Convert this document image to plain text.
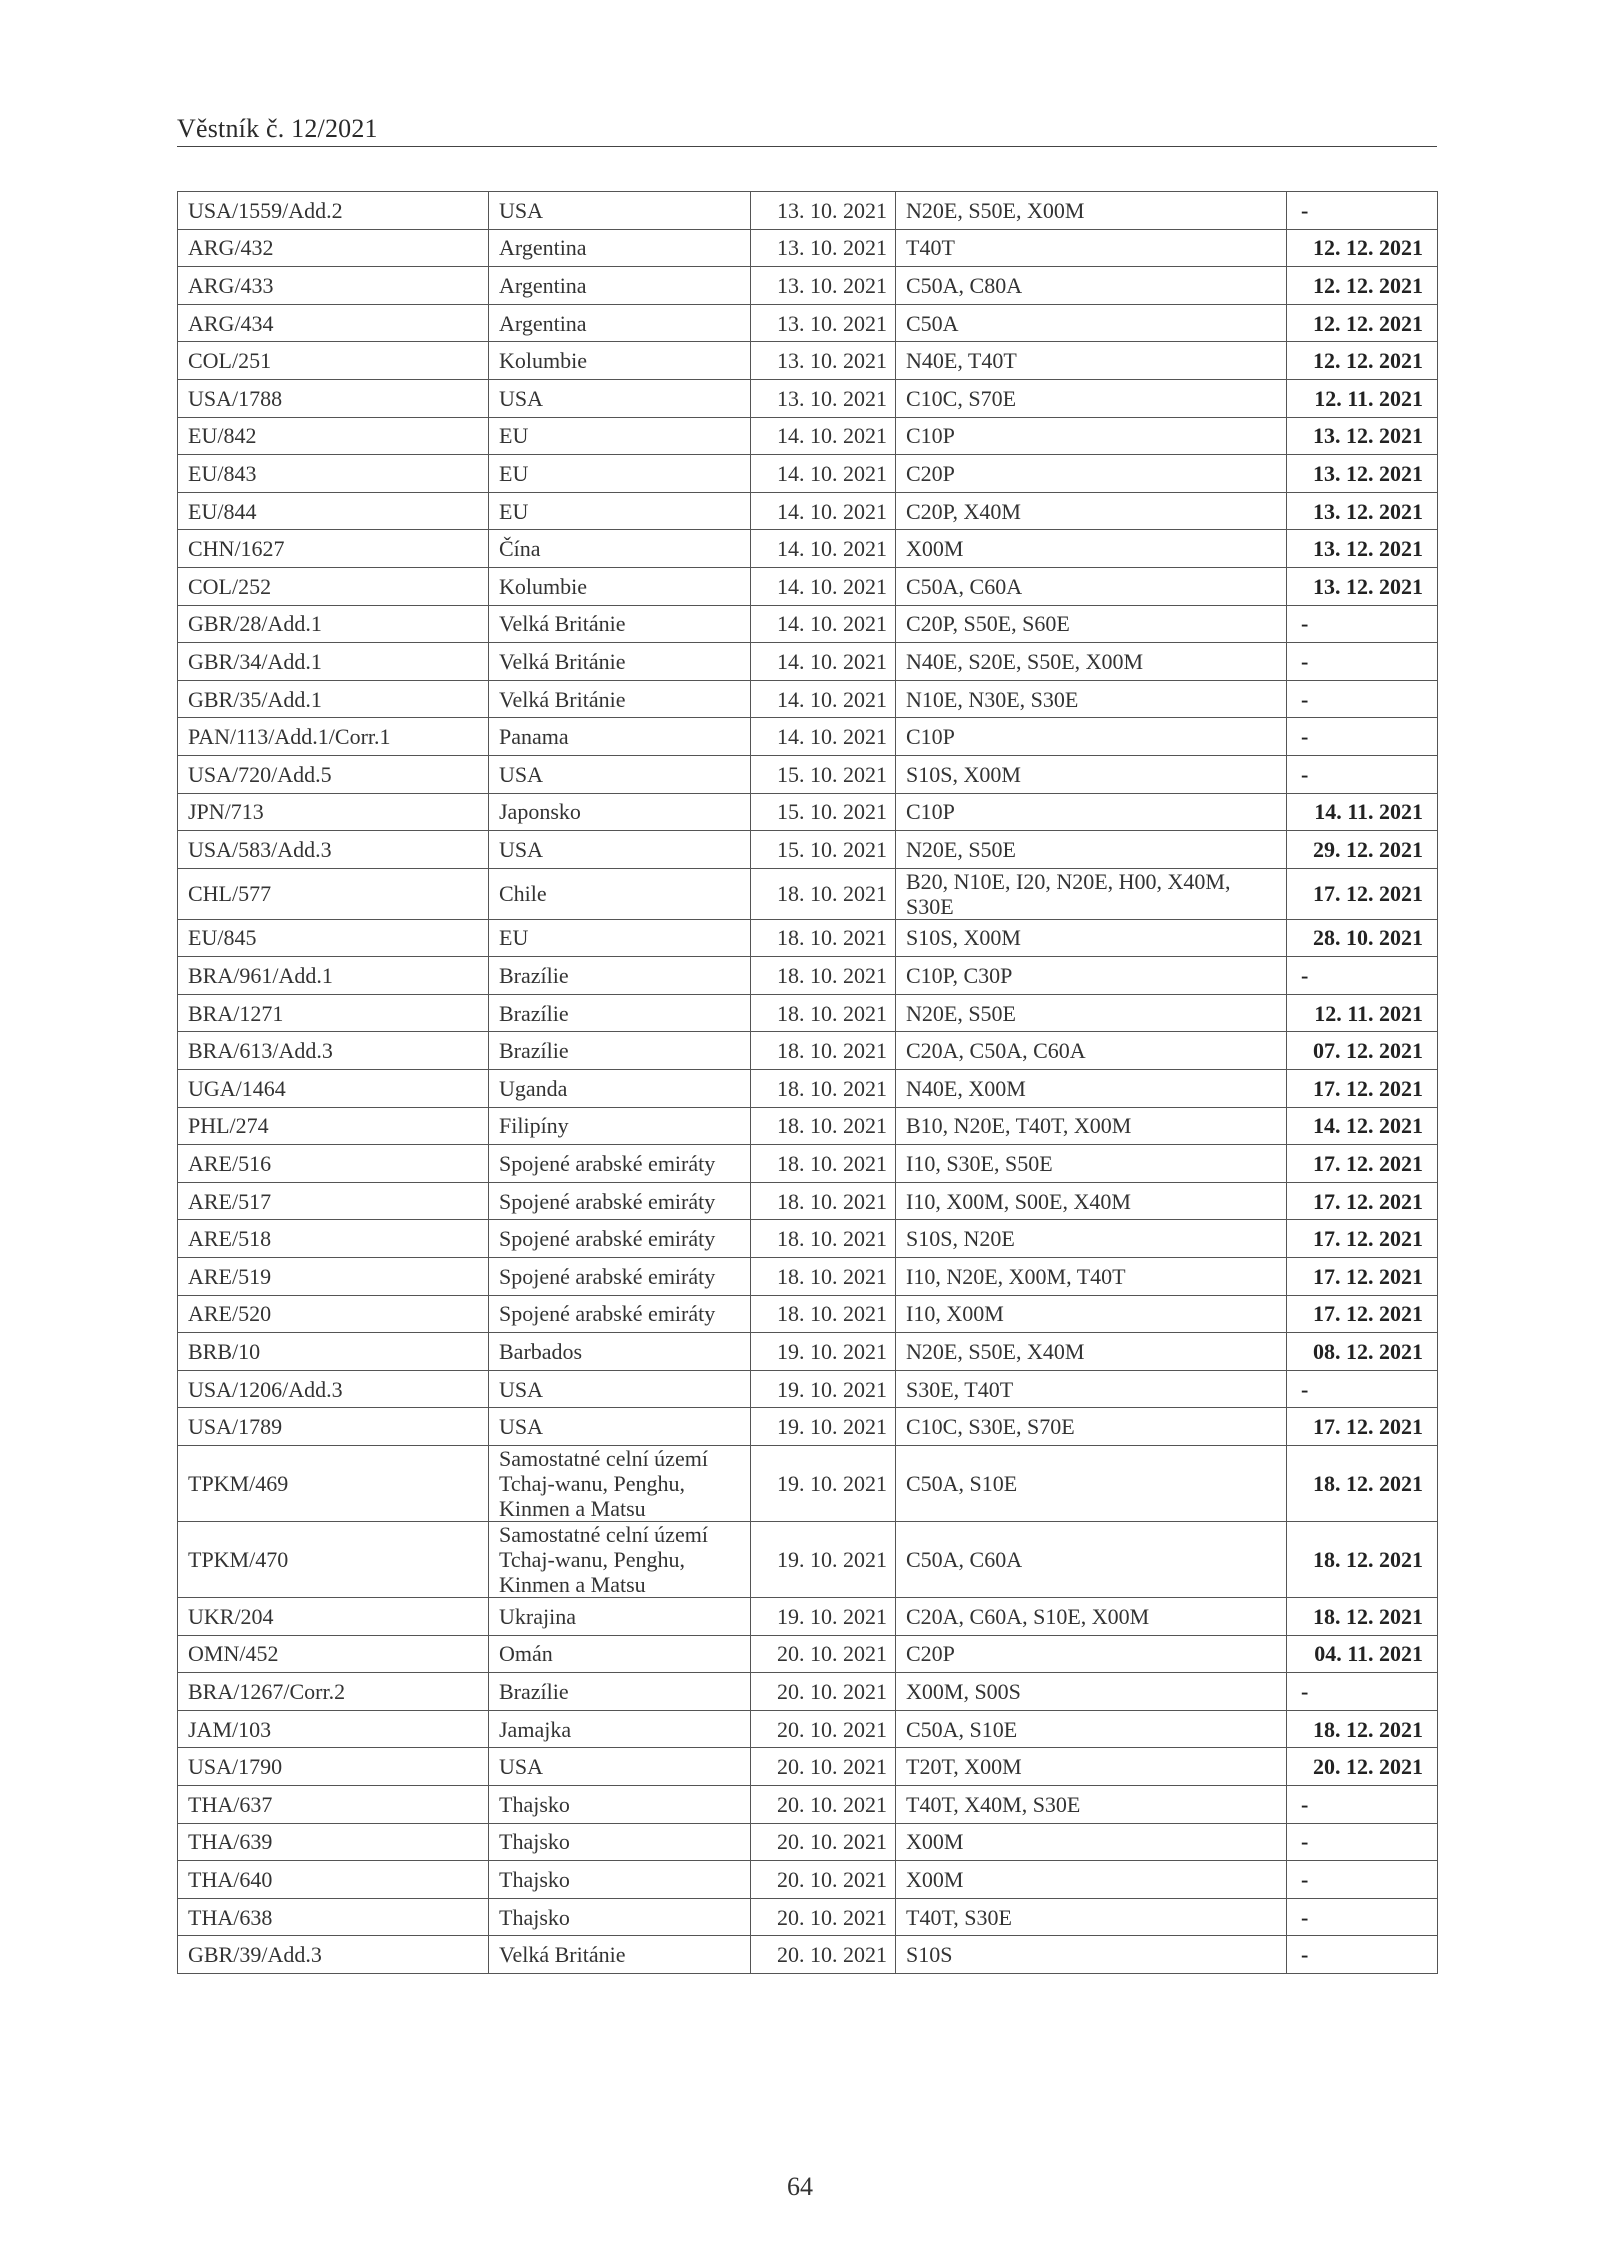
Věstník č. 12/2021
USA/1559/Add.2	USA	13. 10. 2021	N20E, S50E, X00M	-
ARG/432	Argentina	13. 10. 2021	T40T	12. 12. 2021
ARG/433	Argentina	13. 10. 2021	C50A, C80A	12. 12. 2021
ARG/434	Argentina	13. 10. 2021	C50A	12. 12. 2021
COL/251	Kolumbie	13. 10. 2021	N40E, T40T	12. 12. 2021
USA/1788	USA	13. 10. 2021	C10C, S70E	12. 11. 2021
EU/842	EU	14. 10. 2021	C10P	13. 12. 2021
EU/843	EU	14. 10. 2021	C20P	13. 12. 2021
EU/844	EU	14. 10. 2021	C20P, X40M	13. 12. 2021
CHN/1627	Čína	14. 10. 2021	X00M	13. 12. 2021
COL/252	Kolumbie	14. 10. 2021	C50A, C60A	13. 12. 2021
GBR/28/Add.1	Velká Británie	14. 10. 2021	C20P, S50E, S60E	-
GBR/34/Add.1	Velká Británie	14. 10. 2021	N40E, S20E, S50E, X00M	-
GBR/35/Add.1	Velká Británie	14. 10. 2021	N10E, N30E, S30E	-
PAN/113/Add.1/Corr.1	Panama	14. 10. 2021	C10P	-
USA/720/Add.5	USA	15. 10. 2021	S10S, X00M	-
JPN/713	Japonsko	15. 10. 2021	C10P	14. 11. 2021
USA/583/Add.3	USA	15. 10. 2021	N20E, S50E	29. 12. 2021
CHL/577	Chile	18. 10. 2021	B20, N10E, I20, N20E, H00, X40M, S30E	17. 12. 2021
EU/845	EU	18. 10. 2021	S10S, X00M	28. 10. 2021
BRA/961/Add.1	Brazílie	18. 10. 2021	C10P, C30P	-
BRA/1271	Brazílie	18. 10. 2021	N20E, S50E	12. 11. 2021
BRA/613/Add.3	Brazílie	18. 10. 2021	C20A, C50A, C60A	07. 12. 2021
UGA/1464	Uganda	18. 10. 2021	N40E, X00M	17. 12. 2021
PHL/274	Filipíny	18. 10. 2021	B10, N20E, T40T, X00M	14. 12. 2021
ARE/516	Spojené arabské emiráty	18. 10. 2021	I10, S30E, S50E	17. 12. 2021
ARE/517	Spojené arabské emiráty	18. 10. 2021	I10, X00M, S00E, X40M	17. 12. 2021
ARE/518	Spojené arabské emiráty	18. 10. 2021	S10S, N20E	17. 12. 2021
ARE/519	Spojené arabské emiráty	18. 10. 2021	I10, N20E, X00M, T40T	17. 12. 2021
ARE/520	Spojené arabské emiráty	18. 10. 2021	I10, X00M	17. 12. 2021
BRB/10	Barbados	19. 10. 2021	N20E, S50E, X40M	08. 12. 2021
USA/1206/Add.3	USA	19. 10. 2021	S30E, T40T	-
USA/1789	USA	19. 10. 2021	C10C, S30E, S70E	17. 12. 2021
TPKM/469	Samostatné celní území Tchaj-wanu, Penghu, Kinmen a Matsu	19. 10. 2021	C50A, S10E	18. 12. 2021
TPKM/470	Samostatné celní území Tchaj-wanu, Penghu, Kinmen a Matsu	19. 10. 2021	C50A, C60A	18. 12. 2021
UKR/204	Ukrajina	19. 10. 2021	C20A, C60A, S10E, X00M	18. 12. 2021
OMN/452	Omán	20. 10. 2021	C20P	04. 11. 2021
BRA/1267/Corr.2	Brazílie	20. 10. 2021	X00M, S00S	-
JAM/103	Jamajka	20. 10. 2021	C50A, S10E	18. 12. 2021
USA/1790	USA	20. 10. 2021	T20T, X00M	20. 12. 2021
THA/637	Thajsko	20. 10. 2021	T40T, X40M, S30E	-
THA/639	Thajsko	20. 10. 2021	X00M	-
THA/640	Thajsko	20. 10. 2021	X00M	-
THA/638	Thajsko	20. 10. 2021	T40T, S30E	-
GBR/39/Add.3	Velká Británie	20. 10. 2021	S10S	-
64
